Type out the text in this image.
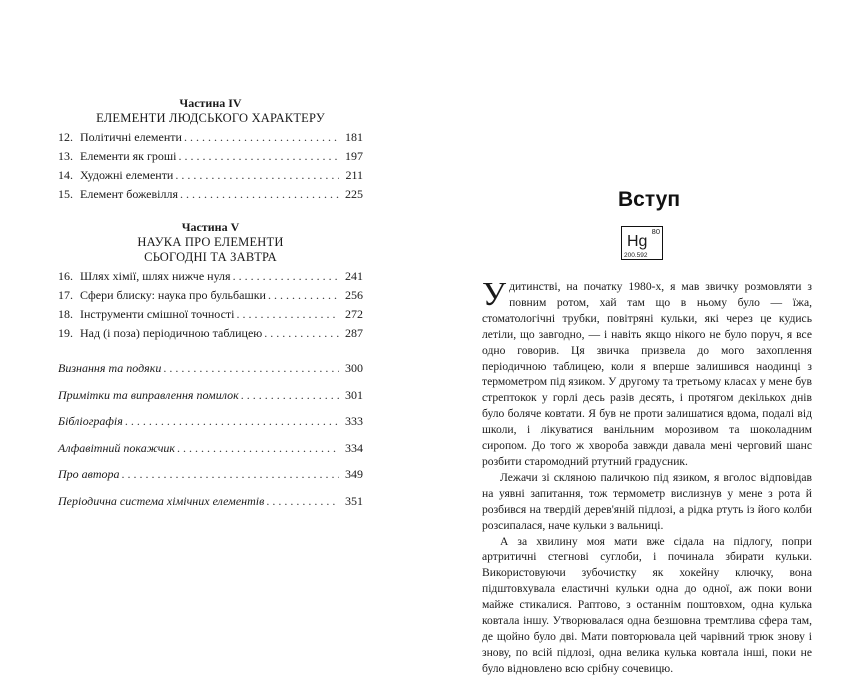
Частина IV
ЕЛЕМЕНТИ ЛЮДСЬКОГО ХАРАКТЕРУ
12. Політичні елементи . . .	181
13. Елементи як гроші . . .	197
14. Художні елементи . . .	211
15. Елемент божевілля . . .	225
Частина V
НАУКА ПРО ЕЛЕМЕНТИ
СЬОГОДНІ ТА ЗАВТРА
16. Шлях хімії, шлях нижче нуля . . .	241
17. Сфери блиску: наука про бульбашки . . .	256
18. Інструменти смішної точності . . .	272
19. Над (і поза) періодичною таблицею . . .	287
Визнання та подяки . . .	300
Примітки та виправлення помилок . . .	301
Бібліографія . . .	333
Алфавітний покажчик . . .	334
Про автора . . .	349
Періодична система хімічних елементів . . .	351
Вступ
80
Hg
200.592

У дитинстві, на початку 1980-х, я мав звичку розмовляти з повним ротом, хай там що в ньому було — їжа, стоматологічні трубки, повітряні кульки, які через це кудись летіли, що завгодно, — і навіть якщо нікого не було поруч, я все одно говорив. Ця звичка призвела до мого захоплення періодичною таблицею, коли я вперше залишився наодинці з термометром під язиком. У другому та третьому класах у мене був стрептокок у горлі десь разів десять, і протягом декількох днів було боляче ковтати. Я був не проти залишатися вдома, подалі від школи, і лікуватися ванільним морозивом та шоколадним сиропом. До того ж хвороба завжди давала мені черговий шанс розбити старомодний ртутний градусник.

Лежачи зі скляною паличкою під язиком, я вголос відповідав на уявні запитання, тож термометр вислизнув у мене з рота й розбився на твердій дерев'яній підлозі, а рідка ртуть із його колби розсипалася, наче кульки з вальниці.

А за хвилину моя мати вже сідала на підлогу, попри артритичні стегнові суглоби, і починала збирати кульки. Використовуючи зубочистку як хокейну ключку, вона підштовхувала еластичні кульки одна до одної, аж поки вони майже стикалися. Раптово, з останнім поштовхом, одна кулька ковтала іншу. Утворювалася одна безшовна тремтлива сфера там, де щойно було дві. Мати повторювала цей чарівний трюк знову і знову, по всій підлозі, одна велика кулька ковтала інші, поки не було відновлено всю срібну сочевицю.
